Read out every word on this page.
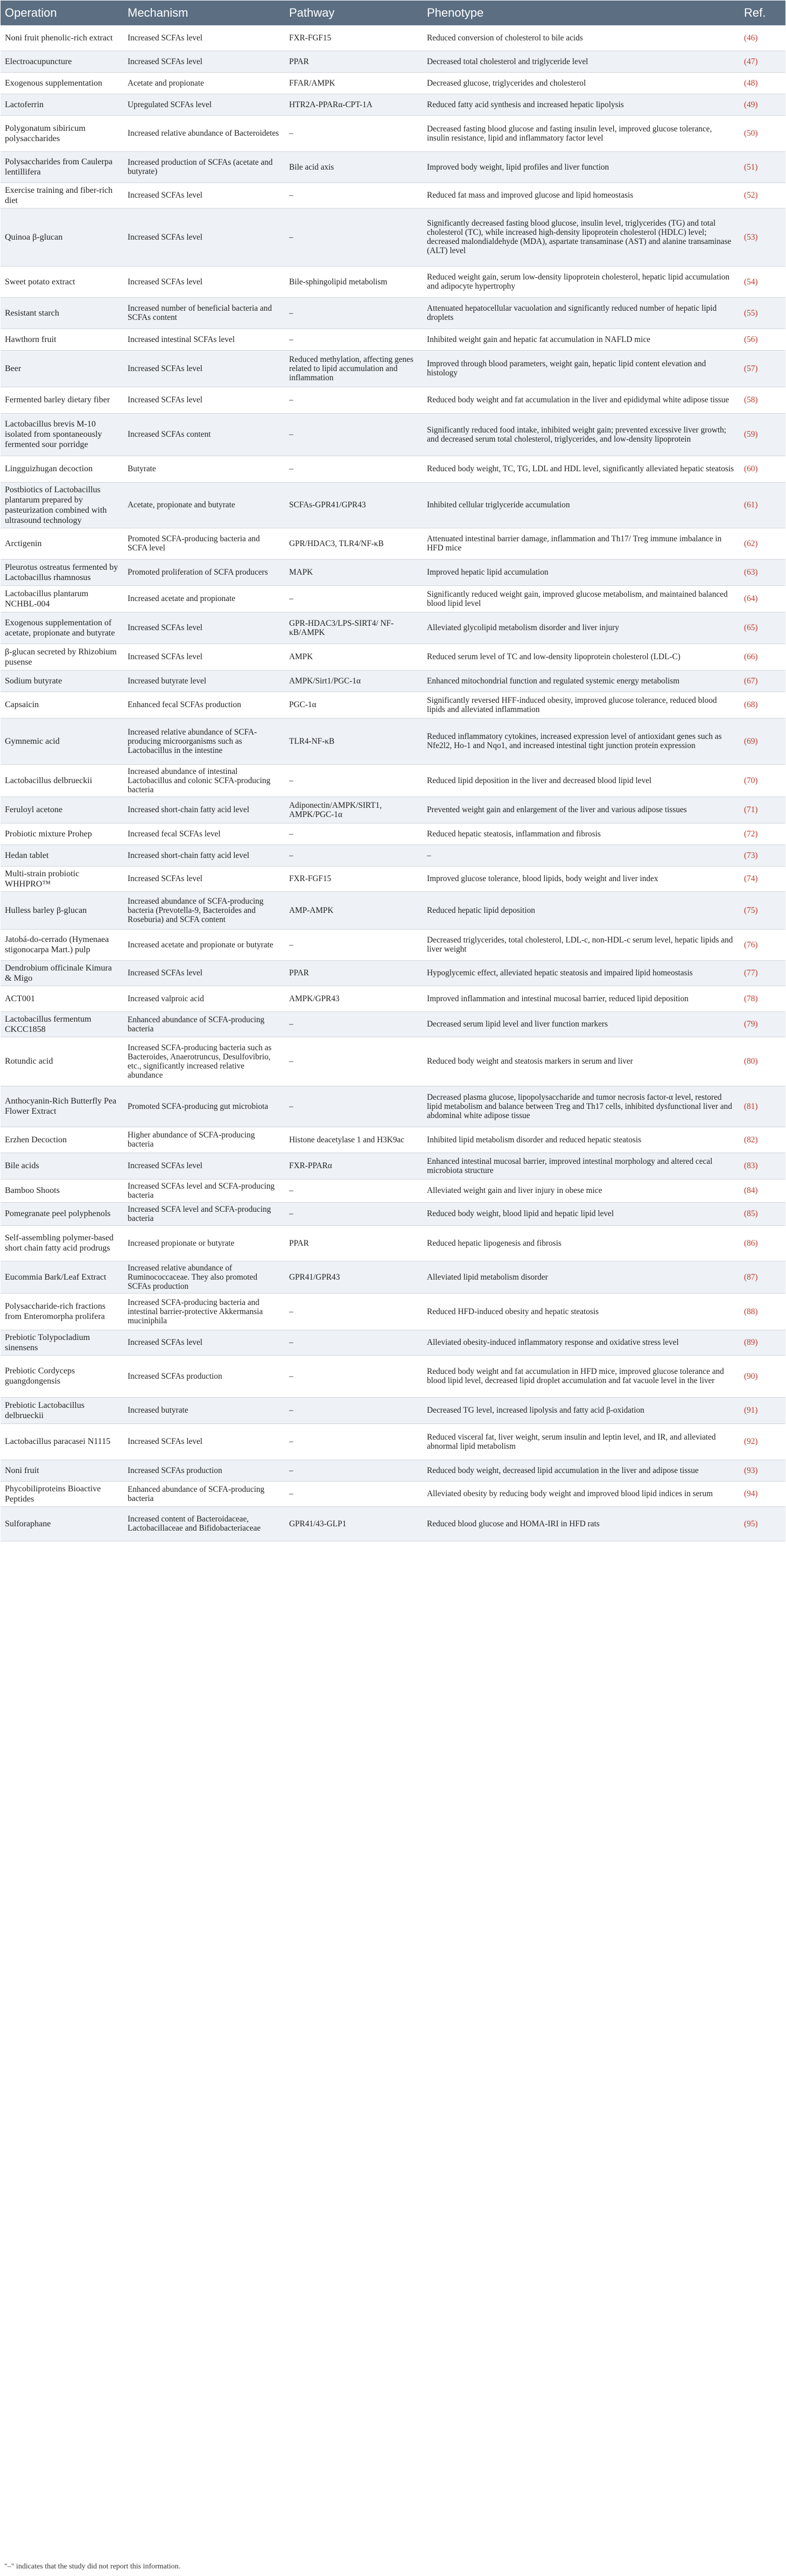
Operation	Mechanism	Pathway	Phenotype	Ref.
Noni fruit phenolic-rich extract	Increased SCFAs level	FXR-FGF15	Reduced conversion of cholesterol to bile acids	(46)
Electroacupuncture	Increased SCFAs level	PPAR	Decreased total cholesterol and triglyceride level	(47)
Exogenous supplementation	Acetate and propionate	FFAR/AMPK	Decreased glucose, triglycerides and cholesterol	(48)
Lactoferrin	Upregulated SCFAs level	HTR2A-PPARα-CPT-1A	Reduced fatty acid synthesis and increased hepatic lipolysis	(49)
Polygonatum sibiricum polysaccharides	Increased relative abundance of Bacteroidetes	–	Decreased fasting blood glucose and fasting insulin level, improved glucose tolerance, insulin resistance, lipid and inflammatory factor level	(50)
Polysaccharides from Caulerpa lentillifera	Increased production of SCFAs (acetate and butyrate)	Bile acid axis	Improved body weight, lipid profiles and liver function	(51)
Exercise training and fiber-rich diet	Increased SCFAs level	–	Reduced fat mass and improved glucose and lipid homeostasis	(52)
Quinoa β-glucan	Increased SCFAs level	–	Significantly decreased fasting blood glucose, insulin level, triglycerides (TG) and total cholesterol (TC), while increased high-density lipoprotein cholesterol (HDLC) level; decreased malondialdehyde (MDA), aspartate transaminase (AST) and alanine transaminase (ALT) level	(53)
Sweet potato extract	Increased SCFAs level	Bile-sphingolipid metabolism	Reduced weight gain, serum low-density lipoprotein cholesterol, hepatic lipid accumulation and adipocyte hypertrophy	(54)
Resistant starch	Increased number of beneficial bacteria and SCFAs content	–	Attenuated hepatocellular vacuolation and significantly reduced number of hepatic lipid droplets	(55)
Hawthorn fruit	Increased intestinal SCFAs level	–	Inhibited weight gain and hepatic fat accumulation in NAFLD mice	(56)
Beer	Increased SCFAs level	Reduced methylation, affecting genes related to lipid accumulation and inflammation	Improved through blood parameters, weight gain, hepatic lipid content elevation and histology	(57)
Fermented barley dietary fiber	Increased SCFAs level	–	Reduced body weight and fat accumulation in the liver and epididymal white adipose tissue	(58)
Lactobacillus brevis M-10 isolated from spontaneously fermented sour porridge	Increased SCFAs content	–	Significantly reduced food intake, inhibited weight gain; prevented excessive liver growth; and decreased serum total cholesterol, triglycerides, and low-density lipoprotein	(59)
Lingguizhugan decoction	Butyrate	–	Reduced body weight, TC, TG, LDL and HDL level, significantly alleviated hepatic steatosis	(60)
Postbiotics of Lactobacillus plantarum prepared by pasteurization combined with ultrasound technology	Acetate, propionate and butyrate	SCFAs-GPR41/GPR43	Inhibited cellular triglyceride accumulation	(61)
Arctigenin	Promoted SCFA-producing bacteria and SCFA level	GPR/HDAC3, TLR4/NF-κB	Attenuated intestinal barrier damage, inflammation and Th17/ Treg immune imbalance in HFD mice	(62)
Pleurotus ostreatus fermented by Lactobacillus rhamnosus	Promoted proliferation of SCFA producers	MAPK	Improved hepatic lipid accumulation	(63)
Lactobacillus plantarum NCHBL-004	Increased acetate and propionate	–	Significantly reduced weight gain, improved glucose metabolism, and maintained balanced blood lipid level	(64)
Exogenous supplementation of acetate, propionate and butyrate	Increased SCFAs level	GPR-HDAC3/LPS-SIRT4/ NF-κB/AMPK	Alleviated glycolipid metabolism disorder and liver injury	(65)
β-glucan secreted by Rhizobium pusense	Increased SCFAs level	AMPK	Reduced serum level of TC and low-density lipoprotein cholesterol (LDL-C)	(66)
Sodium butyrate	Increased butyrate level	AMPK/Sirt1/PGC-1α	Enhanced mitochondrial function and regulated systemic energy metabolism	(67)
Capsaicin	Enhanced fecal SCFAs production	PGC-1α	Significantly reversed HFF-induced obesity, improved glucose tolerance, reduced blood lipids and alleviated inflammation	(68)
Gymnemic acid	Increased relative abundance of SCFA-producing microorganisms such as Lactobacillus in the intestine	TLR4-NF-κB	Reduced inflammatory cytokines, increased expression level of antioxidant genes such as Nfe2l2, Ho-1 and Nqo1, and increased intestinal tight junction protein expression	(69)
Lactobacillus delbrueckii	Increased abundance of intestinal Lactobacillus and colonic SCFA-producing bacteria	–	Reduced lipid deposition in the liver and decreased blood lipid level	(70)
Feruloyl acetone	Increased short-chain fatty acid level	Adiponectin/AMPK/SIRT1, AMPK/PGC-1α	Prevented weight gain and enlargement of the liver and various adipose tissues	(71)
Probiotic mixture Prohep	Increased fecal SCFAs level	–	Reduced hepatic steatosis, inflammation and fibrosis	(72)
Hedan tablet	Increased short-chain fatty acid level	–	–	(73)
Multi-strain probiotic WHHPRO™	Increased SCFAs level	FXR-FGF15	Improved glucose tolerance, blood lipids, body weight and liver index	(74)
Hulless barley β-glucan	Increased abundance of SCFA-producing bacteria (Prevotella-9, Bacteroides and Roseburia) and SCFA content	AMP-AMPK	Reduced hepatic lipid deposition	(75)
Jatobá-do-cerrado (Hymenaea stigonocarpa Mart.) pulp	Increased acetate and propionate or butyrate	–	Decreased triglycerides, total cholesterol, LDL-c, non-HDL-c serum level, hepatic lipids and liver weight	(76)
Dendrobium officinale Kimura & Migo	Increased SCFAs level	PPAR	Hypoglycemic effect, alleviated hepatic steatosis and impaired lipid homeostasis	(77)
ACT001	Increased valproic acid	AMPK/GPR43	Improved inflammation and intestinal mucosal barrier, reduced lipid deposition	(78)
Lactobacillus fermentum CKCC1858	Enhanced abundance of SCFA-producing bacteria	–	Decreased serum lipid level and liver function markers	(79)
Rotundic acid	Increased SCFA-producing bacteria such as Bacteroides, Anaerotruncus, Desulfovibrio, etc., significantly increased relative abundance	–	Reduced body weight and steatosis markers in serum and liver	(80)
Anthocyanin-Rich Butterfly Pea Flower Extract	Promoted SCFA-producing gut microbiota	–	Decreased plasma glucose, lipopolysaccharide and tumor necrosis factor-α level, restored lipid metabolism and balance between Treg and Th17 cells, inhibited dysfunctional liver and abdominal white adipose tissue	(81)
Erzhen Decoction	Higher abundance of SCFA-producing bacteria	Histone deacetylase 1 and H3K9ac	Inhibited lipid metabolism disorder and reduced hepatic steatosis	(82)
Bile acids	Increased SCFAs level	FXR-PPARα	Enhanced intestinal mucosal barrier, improved intestinal morphology and altered cecal microbiota structure	(83)
Bamboo Shoots	Increased SCFAs level and SCFA-producing bacteria	–	Alleviated weight gain and liver injury in obese mice	(84)
Pomegranate peel polyphenols	Increased SCFA level and SCFA-producing bacteria	–	Reduced body weight, blood lipid and hepatic lipid level	(85)
Self-assembling polymer-based short chain fatty acid prodrugs	Increased propionate or butyrate	PPAR	Reduced hepatic lipogenesis and fibrosis	(86)
Eucommia Bark/Leaf Extract	Increased relative abundance of Ruminococcaceae. They also promoted SCFAs production	GPR41/GPR43	Alleviated lipid metabolism disorder	(87)
Polysaccharide-rich fractions from Enteromorpha prolifera	Increased SCFA-producing bacteria and intestinal barrier-protective Akkermansia muciniphila	–	Reduced HFD-induced obesity and hepatic steatosis	(88)
Prebiotic Tolypocladium sinensens	Increased SCFAs level	–	Alleviated obesity-induced inflammatory response and oxidative stress level	(89)
Prebiotic Cordyceps guangdongensis	Increased SCFAs production	–	Reduced body weight and fat accumulation in HFD mice, improved glucose tolerance and blood lipid level, decreased lipid droplet accumulation and fat vacuole level in the liver	(90)
Prebiotic Lactobacillus delbrueckii	Increased butyrate	–	Decreased TG level, increased lipolysis and fatty acid β-oxidation	(91)
Lactobacillus paracasei N1115	Increased SCFAs level	–	Reduced visceral fat, liver weight, serum insulin and leptin level, and IR, and alleviated abnormal lipid metabolism	(92)
Noni fruit	Increased SCFAs production	–	Reduced body weight, decreased lipid accumulation in the liver and adipose tissue	(93)
Phycobiliproteins Bioactive Peptides	Enhanced abundance of SCFA-producing bacteria	–	Alleviated obesity by reducing body weight and improved blood lipid indices in serum	(94)
Sulforaphane	Increased content of Bacteroidaceae, Lactobacillaceae and Bifidobacteriaceae	GPR41/43-GLP1	Reduced blood glucose and HOMA-IRI in HFD rats	(95)
"–" indicates that the study did not report this information.
